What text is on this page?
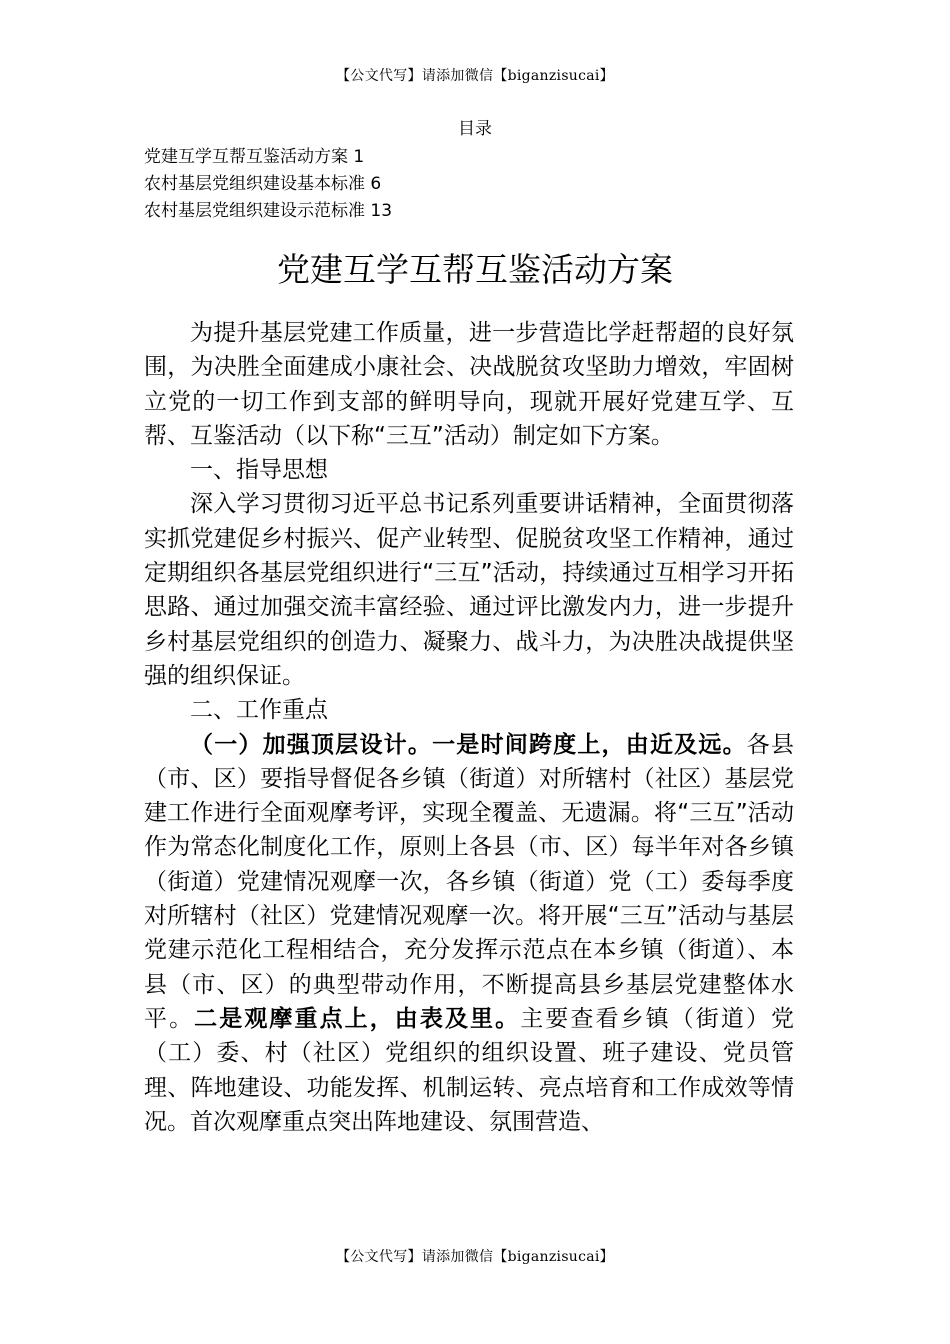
【公文代写】请添加微信【biganzisucai】
目录
党建互学互帮互鉴活动方案 1
农村基层党组织建设基本标准 6
农村基层党组织建设示范标准 13
党建互学互帮互鉴活动方案

为提升基层党建工作质量，进一步营造比学赶帮超的良好氛围，为决胜全面建成小康社会、决战脱贫攻坚助力增效，牢固树立党的一切工作到支部的鲜明导向，现就开展好党建互学、互帮、互鉴活动（以下称“三互”活动）制定如下方案。

一、指导思想

深入学习贯彻习近平总书记系列重要讲话精神，全面贯彻落实抓党建促乡村振兴、促产业转型、促脱贫攻坚工作精神，通过定期组织各基层党组织进行“三互”活动，持续通过互相学习开拓思路、通过加强交流丰富经验、通过评比激发内力，进一步提升乡村基层党组织的创造力、凝聚力、战斗力，为决胜决战提供坚强的组织保证。

二、工作重点

（一）加强顶层设计。一是时间跨度上，由近及远。各县（市、区）要指导督促各乡镇（街道）对所辖村（社区）基层党建工作进行全面观摩考评，实现全覆盖、无遗漏。将“三互”活动作为常态化制度化工作，原则上各县（市、区）每半年对各乡镇（街道）党建情况观摩一次，各乡镇（街道）党（工）委每季度对所辖村（社区）党建情况观摩一次。将开展“三互”活动与基层党建示范化工程相结合，充分发挥示范点在本乡镇（街道）、本县（市、区）的典型带动作用，不断提高县乡基层党建整体水平。二是观摩重点上，由表及里。主要查看乡镇（街道）党（工）委、村（社区）党组织的组织设置、班子建设、党员管理、阵地建设、功能发挥、机制运转、亮点培育和工作成效等情况。首次观摩重点突出阵地建设、氛围营造、

【公文代写】请添加微信【biganzisucai】
